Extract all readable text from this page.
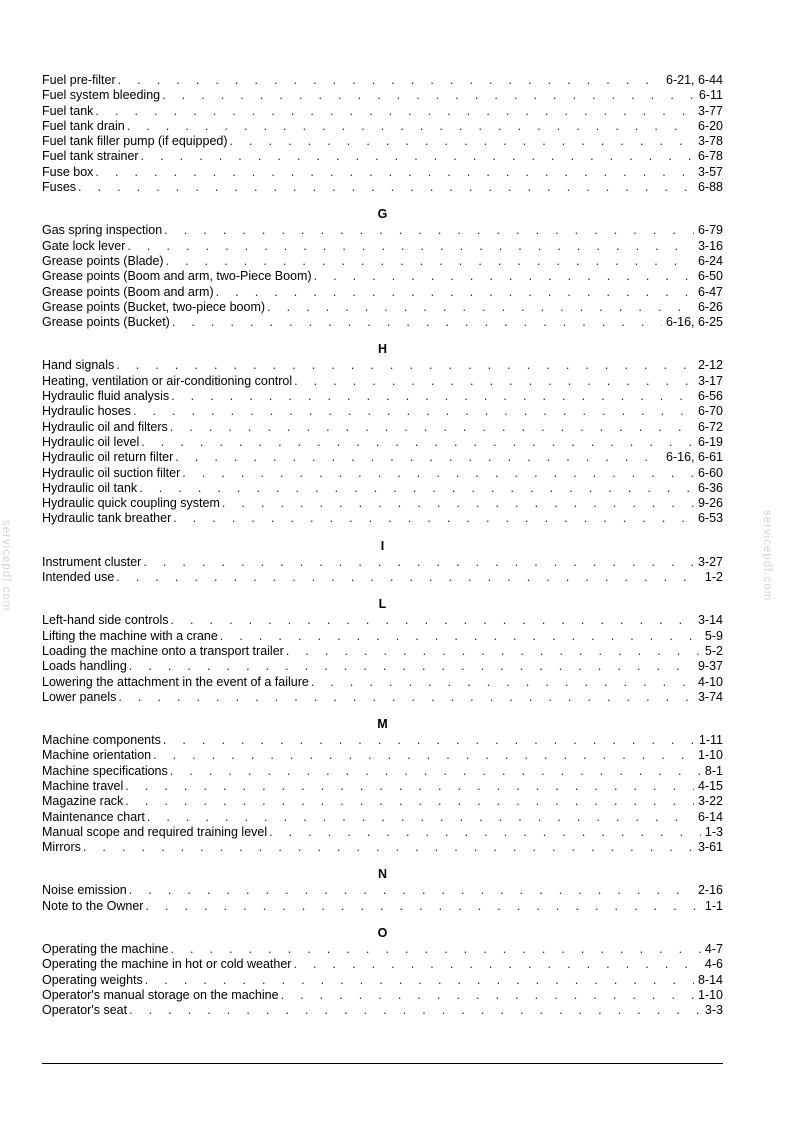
Fuel pre-filter . . .	6-21, 6-44
Fuel system bleeding . . .	6-11
Fuel tank . . .	3-77
Fuel tank drain . . .	6-20
Fuel tank filler pump (if equipped) . . .	3-78
Fuel tank strainer . . .	6-78
Fuse box . . .	3-57
Fuses . . .	6-88
G
Gas spring inspection . . .	6-79
Gate lock lever . . .	3-16
Grease points (Blade) . . .	6-24
Grease points (Boom and arm, two-Piece Boom) . . .	6-50
Grease points (Boom and arm) . . .	6-47
Grease points (Bucket, two-piece boom) . . .	6-26
Grease points (Bucket) . . .	6-16, 6-25
H
Hand signals . . .	2-12
Heating, ventilation or air-conditioning control . . .	3-17
Hydraulic fluid analysis . . .	6-56
Hydraulic hoses . . .	6-70
Hydraulic oil and filters . . .	6-72
Hydraulic oil level . . .	6-19
Hydraulic oil return filter . . .	6-16, 6-61
Hydraulic oil suction filter . . .	6-60
Hydraulic oil tank . . .	6-36
Hydraulic quick coupling system . . .	9-26
Hydraulic tank breather . . .	6-53
I
Instrument cluster . . .	3-27
Intended use . . .	1-2
L
Left-hand side controls . . .	3-14
Lifting the machine with a crane . . .	5-9
Loading the machine onto a transport trailer . . .	5-2
Loads handling . . .	9-37
Lowering the attachment in the event of a failure . . .	4-10
Lower panels . . .	3-74
M
Machine components . . .	1-11
Machine orientation . . .	1-10
Machine specifications . . .	8-1
Machine travel . . .	4-15
Magazine rack . . .	3-22
Maintenance chart . . .	6-14
Manual scope and required training level . . .	1-3
Mirrors . . .	3-61
N
Noise emission . . .	2-16
Note to the Owner . . .	1-1
O
Operating the machine . . .	4-7
Operating the machine in hot or cold weather . . .	4-6
Operating weights . . .	8-14
Operator's manual storage on the machine . . .	1-10
Operator's seat . . .	3-3
servicepdf.com	servicepdf.com
